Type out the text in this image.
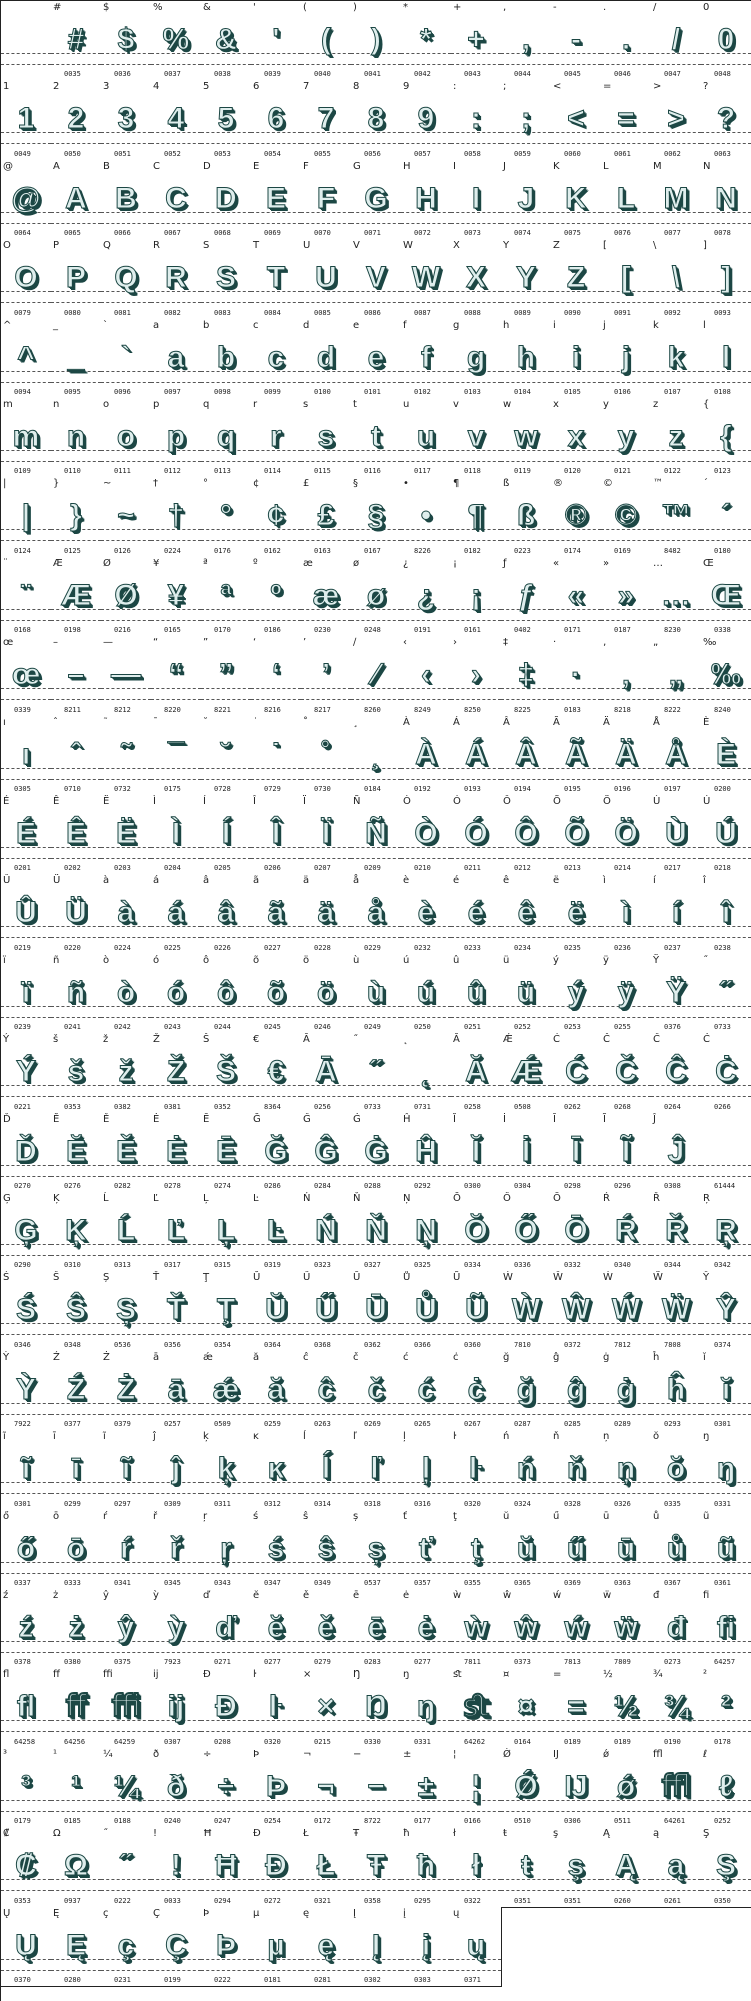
#
#
0035
$
$
0036
%
%
0037
&
&
0038
'
'
0039
(
(
0040
)
)
0041
*
*
0042
+
+
0043
,
,
0044
-
-
0045
.
.
0046
/
/
0047
0
0
0048
1
1
0049
2
2
0050
3
3
0051
4
4
0052
5
5
0053
6
6
0054
7
7
0055
8
8
0056
9
9
0057
:
:
0058
;
;
0059
<
<
0060
=
=
0061
>
>
0062
?
?
0063
@
@
0064
A
A
0065
B
B
0066
C
C
0067
D
D
0068
E
E
0069
F
F
0070
G
G
0071
H
H
0072
I
I
0073
J
J
0074
K
K
0075
L
L
0076
M
M
0077
N
N
0078
O
O
0079
P
P
0080
Q
Q
0081
R
R
0082
S
S
0083
T
T
0084
U
U
0085
V
V
0086
W
W
0087
X
X
0088
Y
Y
0089
Z
Z
0090
[
[
0091
\
\
0092
]
]
0093
^
^
0094
_
_
0095
`
`
0096
a
a
0097
b
b
0098
c
c
0099
d
d
0100
e
e
0101
f
f
0102
g
g
0103
h
h
0104
i
i
0105
j
j
0106
k
k
0107
l
l
0108
m
m
0109
n
n
0110
o
o
0111
p
p
0112
q
q
0113
r
r
0114
s
s
0115
t
t
0116
u
u
0117
v
v
0118
w
w
0119
x
x
0120
y
y
0121
z
z
0122
{
{
0123
|
|
0124
}
}
0125
~
~
0126
†
†
0224
°
°
0176
¢
¢
0162
£
£
0163
§
§
0167
•
•
8226
¶
¶
0182
ß
ß
0223
®
®
0174
©
©
0169
™
™
8482
´
´
0180
¨
¨
0168
Æ
Æ
0198
Ø
Ø
0216
¥
¥
0165
ª
ª
0170
º
º
0186
æ
æ
0230
ø
ø
0248
¿
¿
0191
¡
¡
0161
ƒ
ƒ
0402
«
«
0171
»
»
0187
…
…
8230
Œ
Œ
0338
œ
œ
0339
–
–
8211
—
—
8212
“
“
8220
”
”
8221
‘
‘
8216
’
’
8217
∕
∕
8260
‹
‹
8249
›
›
8250
‡
‡
8225
·
·
0183
‚
‚
8218
„
„
8222
‰
‰
8240
ı
ı
0305
ˆ
ˆ
0710
˜
˜
0732
¯
¯
0175
˘
˘
0728
˙
˙
0729
˚
˚
0730
¸
¸
0184
À
À
0192
Á
Á
0193
Â
Â
0194
Ã
Ã
0195
Ä
Ä
0196
Å
Å
0197
È
È
0200
É
É
0201
Ê
Ê
0202
Ë
Ë
0203
Ì
Ì
0204
Í
Í
0205
Î
Î
0206
Ï
Ï
0207
Ñ
Ñ
0209
Ò
Ò
0210
Ó
Ó
0211
Ô
Ô
0212
Õ
Õ
0213
Ö
Ö
0214
Ù
Ù
0217
Ú
Ú
0218
Û
Û
0219
Ü
Ü
0220
à
à
0224
á
á
0225
â
â
0226
ã
ã
0227
ä
ä
0228
å
å
0229
è
è
0232
é
é
0233
ê
ê
0234
ë
ë
0235
ì
ì
0236
í
í
0237
î
î
0238
ï
ï
0239
ñ
ñ
0241
ò
ò
0242
ó
ó
0243
ô
ô
0244
õ
õ
0245
ö
ö
0246
ù
ù
0249
ú
ú
0250
û
û
0251
ü
ü
0252
ý
ý
0253
ÿ
ÿ
0255
Ÿ
Ÿ
0376
˝
˝
0733
Ý
Ý
0221
š
š
0353
ž
ž
0382
Ž
Ž
0381
Š
Š
0352
€
€
8364
Ā
Ā
0256
˝
˝
0733
˛
˛
0731
Ă
Ă
0258
Ǽ
Ǽ
0508
Ć
Ć
0262
Č
Č
0268
Ĉ
Ĉ
0264
Ċ
Ċ
0266
Ď
Ď
0270
Ĕ
Ĕ
0276
Ě
Ě
0282
Ė
Ė
0278
Ē
Ē
0274
Ğ
Ğ
0286
Ĝ
Ĝ
0284
Ġ
Ġ
0288
Ĥ
Ĥ
0292
Ĭ
Ĭ
0300
İ
İ
0304
Ī
Ī
0298
Ĩ
Ĩ
0296
Ĵ
Ĵ
0308	61444
Ģ
Ģ
0290
Ķ
Ķ
0310
Ĺ
Ĺ
0313
Ľ
Ľ
0317
Ļ
Ļ
0315
Ŀ
Ŀ
0319
Ń
Ń
0323
Ň
Ň
0327
Ņ
Ņ
0325
Ŏ
Ŏ
0334
Ő
Ő
0336
Ō
Ō
0332
Ŕ
Ŕ
0340
Ř
Ř
0344
Ŗ
Ŗ
0342
Ś
Ś
0346
Ŝ
Ŝ
0348
Ș
Ș
0536
Ť
Ť
0356
Ţ
Ţ
0354
Ŭ
Ŭ
0364
Ű
Ű
0368
Ū
Ū
0362
Ů
Ů
0366
Ũ
Ũ
0360
Ẁ
Ẁ
7810
Ŵ
Ŵ
0372
Ẃ
Ẃ
7812
Ẅ
Ẅ
7808
Ŷ
Ŷ
0374
Ỳ
Ỳ
7922
Ź
Ź
0377
Ż
Ż
0379
ā
ā
0257
ǽ
ǽ
0509
ă
ă
0259
ĉ
ĉ
0263
č
č
0269
ć
ć
0265
ċ
ċ
0267
ğ
ğ
0287
ĝ
ĝ
0285
ġ
ġ
0289
ĥ
ĥ
0293
ĭ
ĭ
0301
ĩ
ĩ
0301
ī
ī
0299
ĩ
ĩ
0297
ĵ
ĵ
0309
ķ
ķ
0311
ĸ
ĸ
0312
ĺ
ĺ
0314
ľ
ľ
0318
ļ
ļ
0316
ŀ
ŀ
0320
ń
ń
0324
ň
ň
0328
ņ
ņ
0326
ŏ
ŏ
0335
ŋ
ŋ
0331
ő
ő
0337
ō
ō
0333
ŕ
ŕ
0341
ř
ř
0345
ŗ
ŗ
0343
ś
ś
0347
ŝ
ŝ
0349
ș
ș
0537
ť
ť
0357
ţ
ţ
0355
ŭ
ŭ
0365
ű
ű
0369
ū
ū
0363
ů
ů
0367
ũ
ũ
0361
ź
ź
0378
ż
ż
0380
ŷ
ŷ
0375
ỳ
ỳ
7923
ď
ď
0271
ĕ
ĕ
0277
ě
ě
0279
ē
ē
0283
ė
ė
0277
ẁ
ẁ
7811
ŵ
ŵ
0373
ẃ
ẃ
7813
ẅ
ẅ
7809
đ
đ
0273
ﬁ
ﬁ
64257
ﬂ
ﬂ
64258
ﬀ
ﬀ
64256
ﬃ
ﬃ
64259
ĳ
ĳ
0307
Đ
Đ
0208
ŀ
ŀ
0320
×
×
0215
Ŋ
Ŋ
0330
ŋ
ŋ
0331
ﬆ
ﬆ
64262
¤
¤
0164
=
=
0189
½
½
0189
¾
¾
0190
²
²
0178
³
³
0179
¹
¹
0185
¼
¼
0188
ð
ð
0240
÷
÷
0247
Þ
Þ
0254
¬
¬
0172
−
−
8722
±
±
0177
¦
¦
0166
Ǿ
Ǿ
0510
Ĳ
Ĳ
0306
ǿ
ǿ
0511
ﬄ
ﬄ
64261
ℓ
ℓ
0252
₡
₡
0353
Ω
Ω
0937
˝
˝
0222
!
!
0033
Ħ
Ħ
0294
Đ
Đ
0272
Ł
Ł
0321
Ŧ
Ŧ
0358
ħ
ħ
0295
ł
ł
0322
ŧ
ŧ
0351
ş
ş
0351
Ą
Ą
0260
ą
ą
0261
Ş
Ş
0350
Ų
Ų
0370
Ę
Ę
0280
ç
ç
0231
Ç
Ç
0199
Þ
Þ
0222
µ
µ
0181
ę
ę
0281
Į
Į
0302
į
į
0303
ų
ų
0371
